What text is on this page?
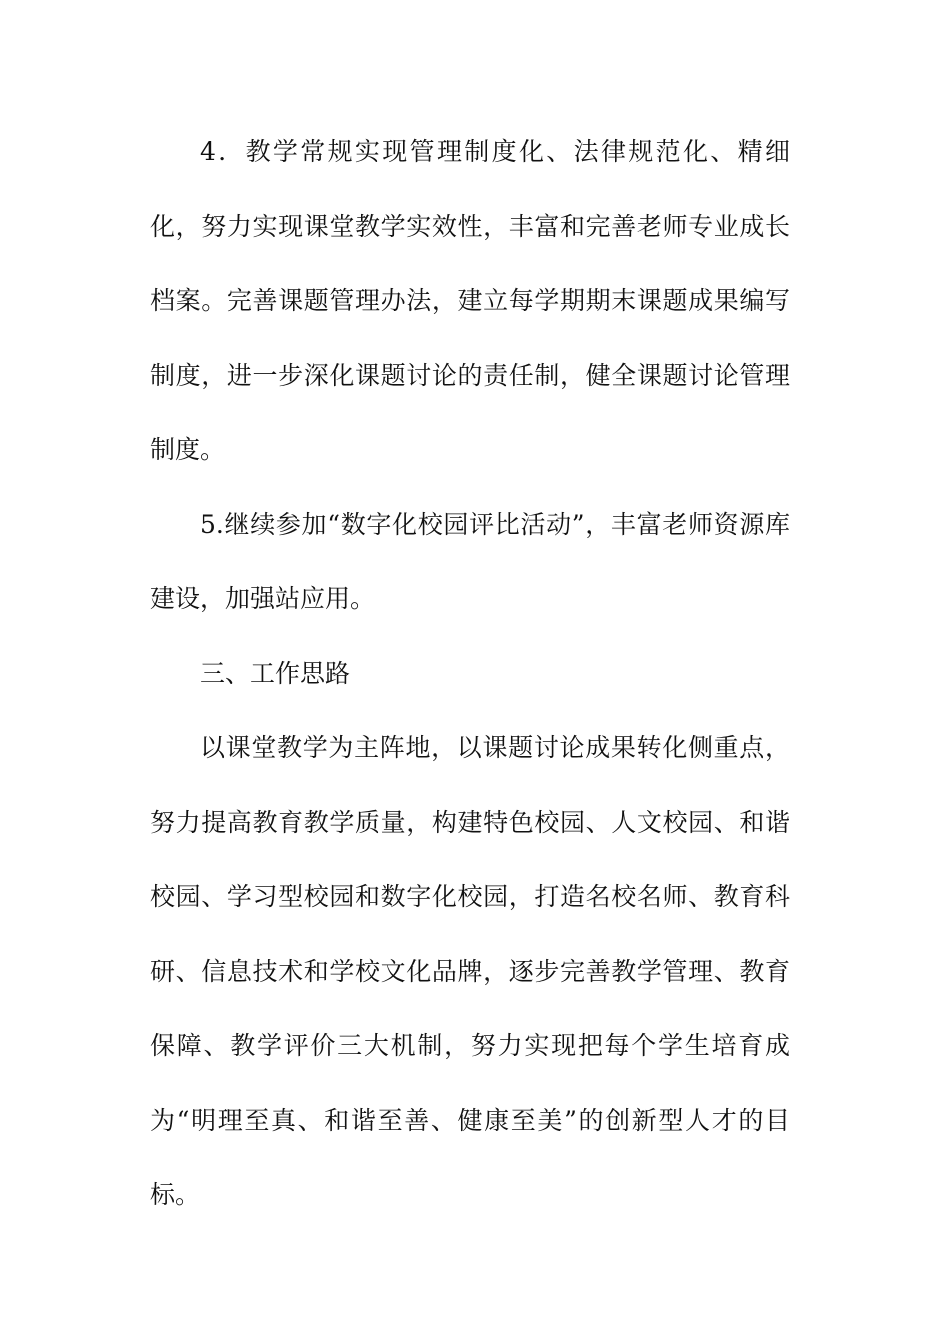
4．教学常规实现管理制度化、法律规范化、精细化，努力实现课堂教学实效性，丰富和完善老师专业成长档案。完善课题管理办法，建立每学期期末课题成果编写制度，进一步深化课题讨论的责任制，健全课题讨论管理制度。

5.继续参加“数字化校园评比活动”，丰富老师资源库建设，加强站应用。

三、工作思路

以课堂教学为主阵地，以课题讨论成果转化侧重点，努力提高教育教学质量，构建特色校园、人文校园、和谐校园、学习型校园和数字化校园，打造名校名师、教育科研、信息技术和学校文化品牌，逐步完善教学管理、教育保障、教学评价三大机制，努力实现把每个学生培育成为“明理至真、和谐至善、健康至美”的创新型人才的目标。
